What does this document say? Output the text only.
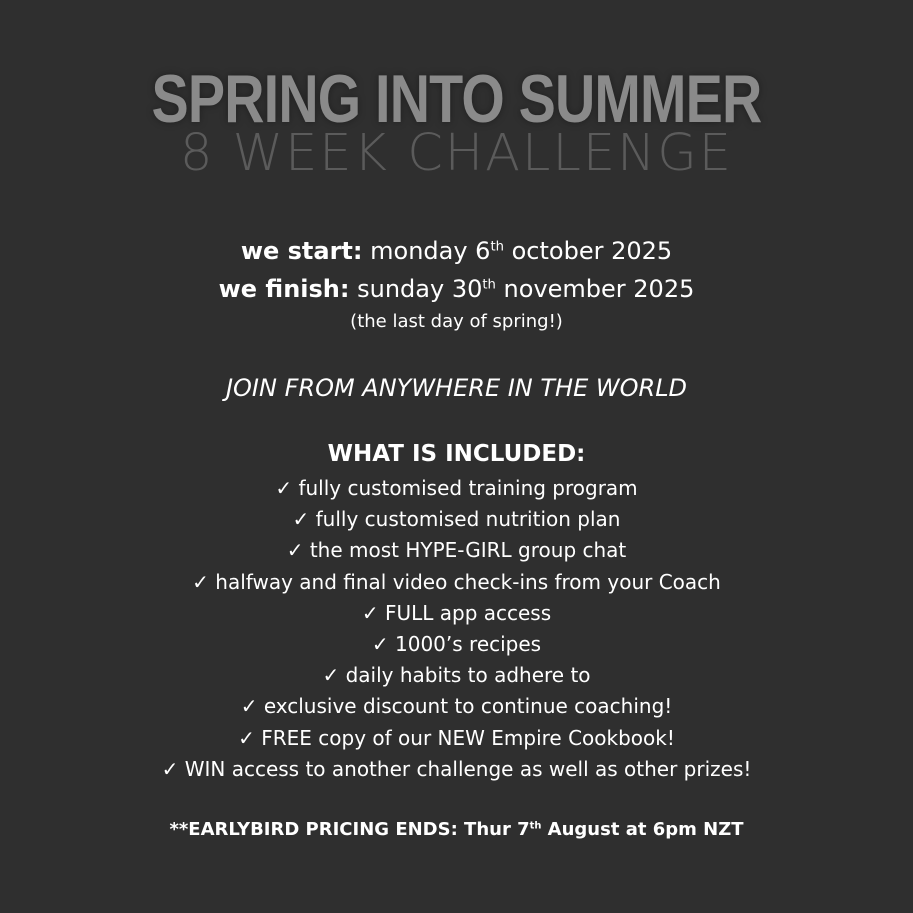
SPRING INTO SUMMER
8 WEEK CHALLENGE
we start: monday 6th october 2025
we finish: sunday 30th november 2025
(the last day of spring!)
JOIN FROM ANYWHERE IN THE WORLD
WHAT IS INCLUDED:
✓ fully customised training program
✓ fully customised nutrition plan
✓ the most HYPE-GIRL group chat
✓ halfway and final video check-ins from your Coach
✓ FULL app access
✓ 1000’s recipes
✓ daily habits to adhere to
✓ exclusive discount to continue coaching!
✓ FREE copy of our NEW Empire Cookbook!
✓ WIN access to another challenge as well as other prizes!
**EARLYBIRD PRICING ENDS: Thur 7th August at 6pm NZT
